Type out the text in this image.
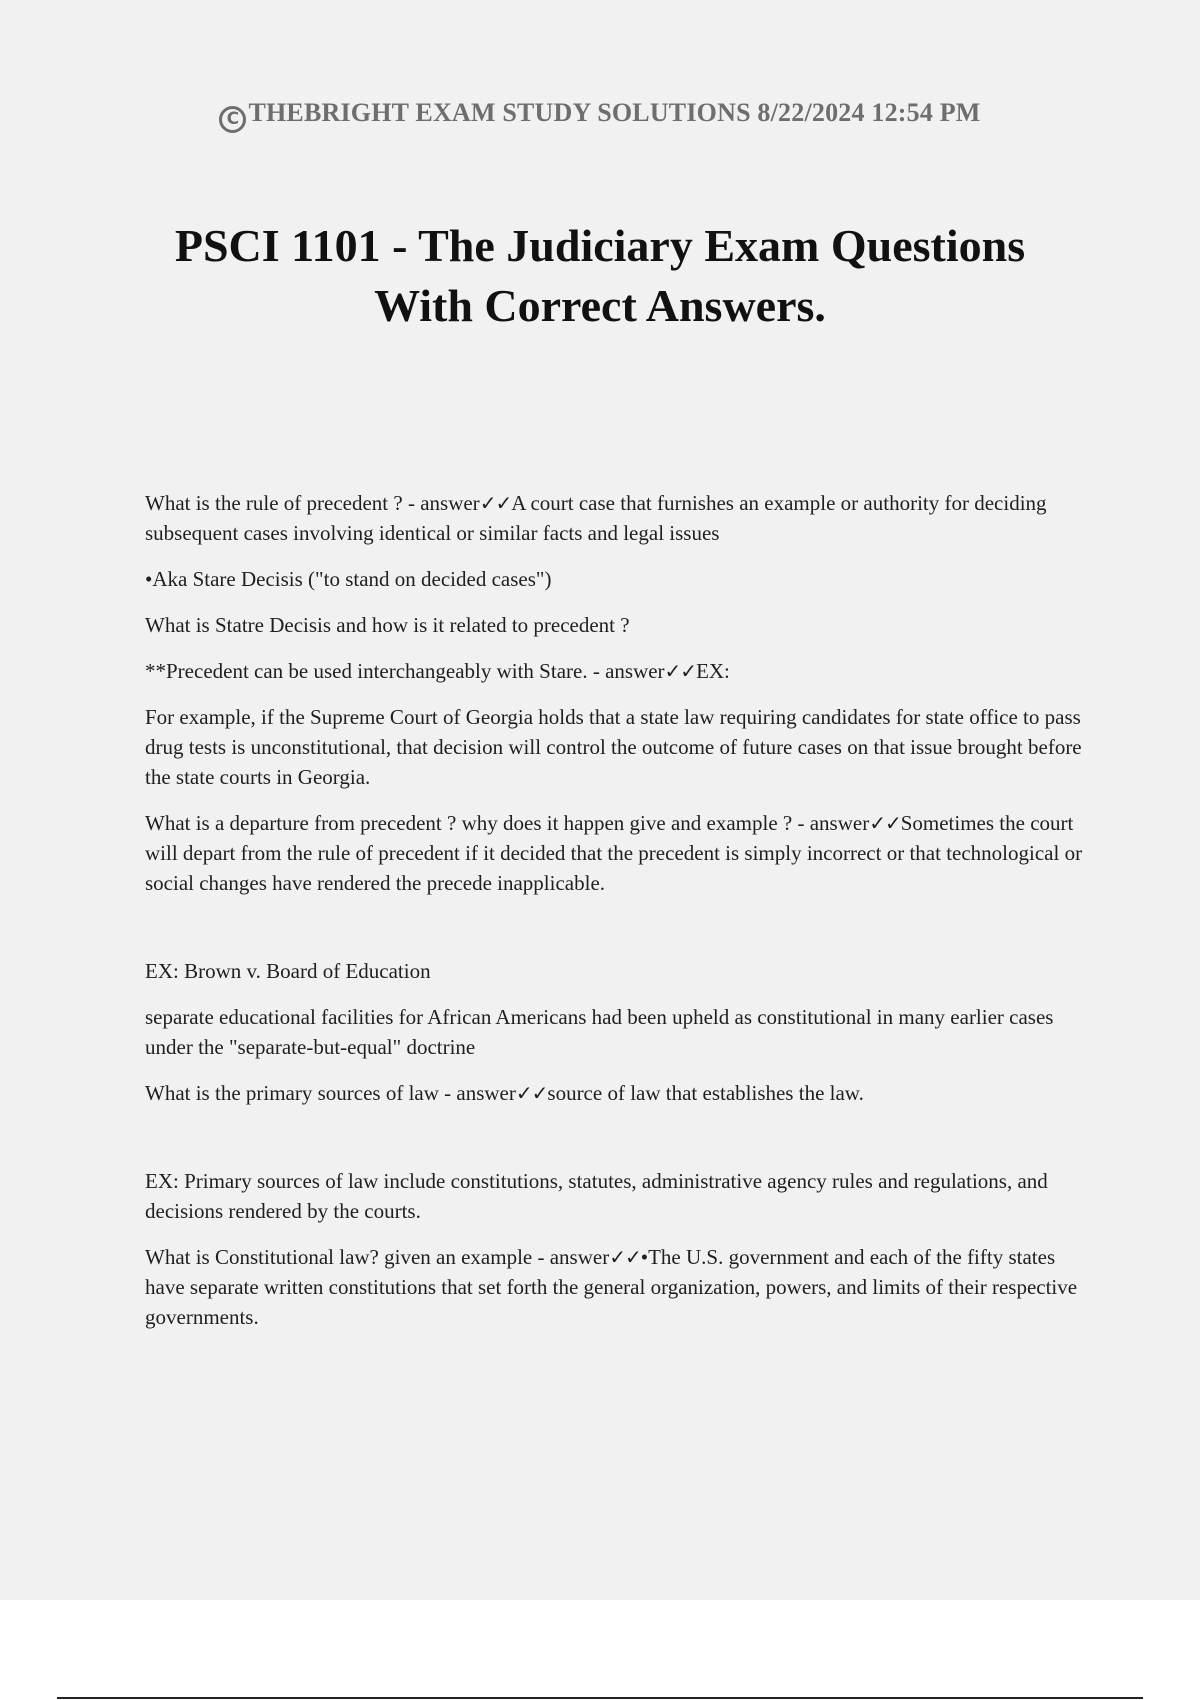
C THEBRIGHT EXAM STUDY SOLUTIONS 8/22/2024 12:54 PM
PSCI 1101 - The Judiciary Exam Questions
With Correct Answers.

What is the rule of precedent ? - answer✓✓A court case that furnishes an example or authority for deciding subsequent cases involving identical or similar facts and legal issues

•Aka Stare Decisis ("to stand on decided cases")

What is Statre Decisis and how is it related to precedent ?

**Precedent can be used interchangeably with Stare. - answer✓✓EX:

For example, if the Supreme Court of Georgia holds that a state law requiring candidates for state office to pass drug tests is unconstitutional, that decision will control the outcome of future cases on that issue brought before the state courts in Georgia.

What is a departure from precedent ? why does it happen give and example ? - answer✓✓Sometimes the court will depart from the rule of precedent if it decided that the precedent is simply incorrect or that technological or social changes have rendered the precede inapplicable.

EX: Brown v. Board of Education

separate educational facilities for African Americans had been upheld as constitutional in many earlier cases under the "separate-but-equal" doctrine

What is the primary sources of law - answer✓✓source of law that establishes the law.

EX: Primary sources of law include constitutions, statutes, administrative agency rules and regulations, and decisions rendered by the courts.

What is Constitutional law? given an example - answer✓✓•The U.S. government and each of the fifty states have separate written constitutions that set forth the general organization, powers, and limits of their respective governments.
